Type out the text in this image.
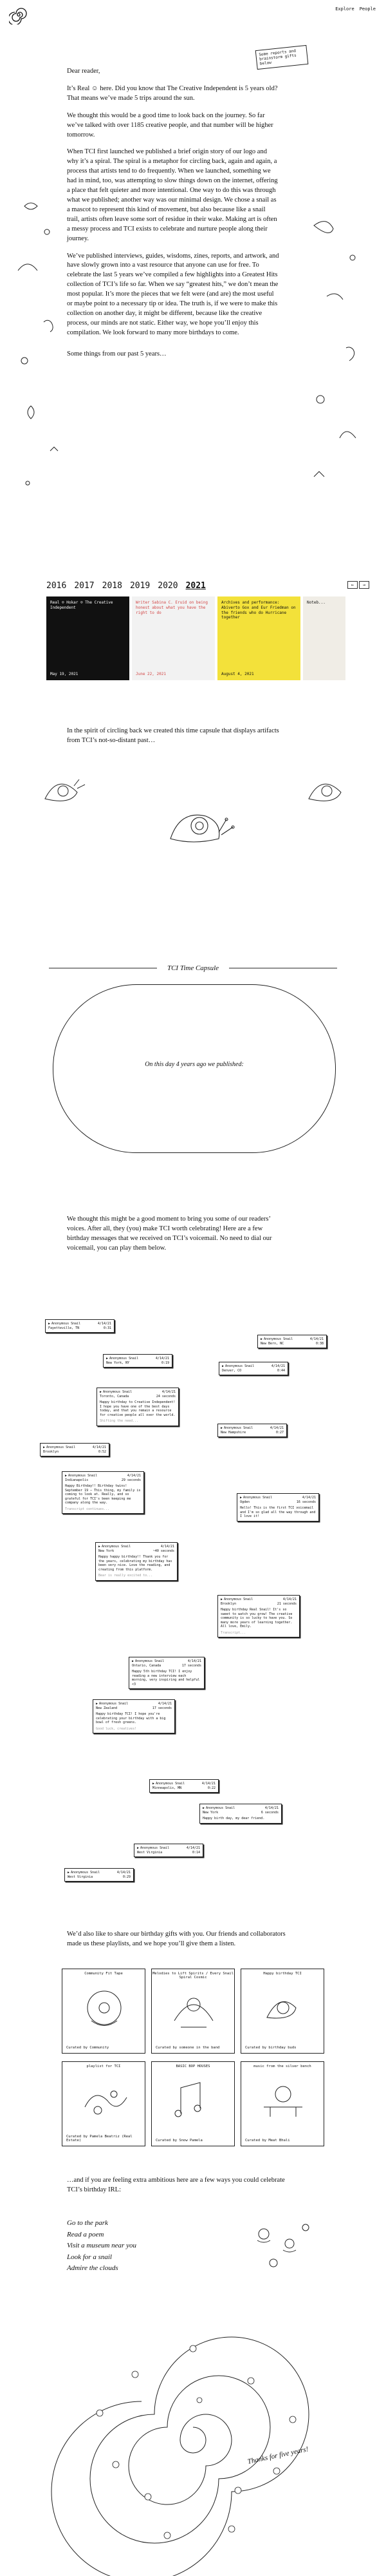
Explore People
Some reports and brainstorm gifts below

Dear reader,

It’s Real ☺︎ here. Did you know that The Creative Independent is 5 years old? That means we’ve made 5 trips around the sun.

We thought this would be a good time to look back on the journey. So far we’ve talked with over 1185 creative people, and that number will be higher tomorrow.

When TCI first launched we published a brief origin story of our logo and why it’s a spiral. The spiral is a metaphor for circling back, again and again, a process that artists tend to do frequently. When we launched, something we had in mind, too, was attempting to slow things down on the internet, offering a place that felt quieter and more intentional. One way to do this was through what we published; another way was our minimal design. We chose a snail as a mascot to represent this kind of movement, but also because like a snail trail, artists often leave some sort of residue in their wake. Making art is often a messy process and TCI exists to celebrate and nurture people along their journey.

We’ve published interviews, guides, wisdoms, zines, reports, and artwork, and have slowly grown into a vast resource that anyone can use for free. To celebrate the last 5 years we’ve compiled a few highlights into a Greatest Hits collection of TCI’s life so far. When we say “greatest hits,” we don’t mean the most popular. It’s more the pieces that we felt were (and are) the most useful or maybe point to a necessary tip or idea. The truth is, if we were to make this collection on another day, it might be different, because like the creative process, our minds are not static. Either way, we hope you’ll enjoy this compilation. We look forward to many more birthdays to come.

Some things from our past 5 years…

2016 2017 2018 2019 2020 2021	←	→
Real ☺︎ Hokar ☺︎ The Creative Independent
May 19, 2021
Writer Sabina C. Eruid on being honest about what you have the right to do
June 22, 2021
Archives and performance: Abiverto Gox and Eur Friedman on the friends who do Hurricane together
August 4, 2021
Noteb...
In the spirit of circling back we created this time capsule that displays artifacts from TCI’s not-so-distant past…
TCI Time Capsule
On this day 4 years ago we published:
We thought this might be a good moment to bring you some of our readers’ voices. After all, they (you) make TCI worth celebrating! Here are a few birthday messages that we received on TCI’s voicemail. No need to dial our voicemail, you can play them below.
▶ Anonymous Snail	4/14/21
Fayetteville, TN	0:31
▶ Anonymous Snail	4/14/21
New York, NY	0:19
▶ Anonymous Snail	4/14/21
New Bern, NC	0:38
▶ Anonymous Snail	4/14/21
Denver, CO	0:44
▶ Anonymous Snail	4/14/21
Toronto, Canada	24 seconds
Happy birthday to Creative Independent! I hope you have one of the best days today, and that you remain a resource for creative people all over the world.
Shifting the need...
▶ Anonymous Snail	4/14/21
New Hampshire	0:27
▶ Anonymous Snail	4/14/21
Brooklyn	0:52
▶ Anonymous Snail	4/14/21
Indianapolis	29 seconds
Happy Birthday!! Birthday twins! September 19 — This thing, my family is coming to look at. Really, and so grateful for TCI's been keeping me company along the way.
Transcript continues...
▶ Anonymous Snail	4/14/21
Ogden	16 seconds
Hello! This is the first TCI voicemail and I'm so glad all the way through and I love it!
▶ Anonymous Snail	4/14/21
New York	~40 seconds
Happy happy birthday!! Thank you for the years, celebrating my birthday has been very nice. Love the reading, and creating from this platform.
Bear is really excited to...
▶ Anonymous Snail	4/14/21
Brooklyn	21 seconds
Happy birthday Real Snail! It's so sweet to watch you grow! The creative community is so lucky to have you. So many more years of learning together. All love, Emily.
Transcript...
▶ Anonymous Snail	4/14/21
Ontario, Canada	17 seconds
Happy 5th birthday TCI! I enjoy reading a new interview each morning, very inspiring and helpful <3
▶ Anonymous Snail	4/14/21
New Zealand	17 seconds
Happy birthday TCI! I hope you're celebrating your birthday with a big bowl of fresh greens.
Good luck, creatives!
▶ Anonymous Snail	4/14/21
Minneapolis, MN	0:22
▶ Anonymous Snail	4/14/21
New York	6 seconds
Happy birth day, my dear friend.
▶ Anonymous Snail	4/14/21
West Virginia	0:14
▶ Anonymous Snail	4/14/21
West Virginia	0:29
We’d also like to share our birthday gifts with you. Our friends and collaborators made us these playlists, and we hope you’ll give them a listen.
Community Fit Tape
Curated by Community
Melodies to Lift Spirits / Every Snail Spiral Cosmic
Curated by someone in the band
Happy birthday TCI
Curated by birthday buds
playlist for TCI
Curated by Pamela Beatriz (Real Estate)
BASIC BOP HOUSES
Curated by Snow Pamela
music from the silver bench
Curated by Meat Bhali
…and if you are feeling extra ambitious here are a few ways you could celebrate TCI’s birthday IRL:
Go to the park
Read a poem
Visit a museum near you
Look for a snail
Admire the clouds
Thanks for five years!
